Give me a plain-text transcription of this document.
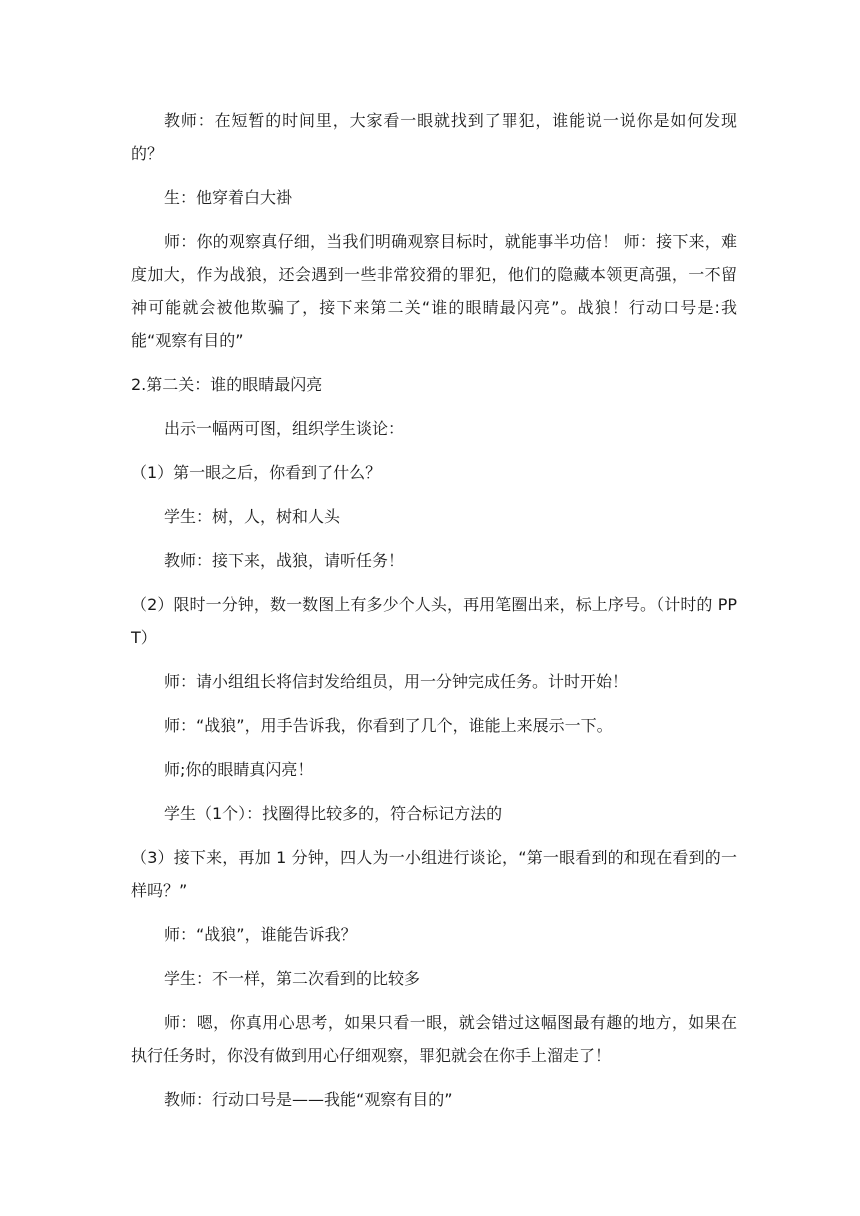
教师：在短暂的时间里，大家看一眼就找到了罪犯，谁能说一说你是如何发现的？

生：他穿着白大褂

师：你的观察真仔细，当我们明确观察目标时，就能事半功倍！ 师：接下来，难度加大，作为战狼，还会遇到一些非常狡猾的罪犯，他们的隐藏本领更高强，一不留神可能就会被他欺骗了，接下来第二关“谁的眼睛最闪亮”。战狼！行动口号是:我能“观察有目的”

2.第二关：谁的眼睛最闪亮

出示一幅两可图，组织学生谈论：

（1）第一眼之后，你看到了什么？

学生：树，人，树和人头

教师：接下来，战狼，请听任务！

（2）限时一分钟，数一数图上有多少个人头，再用笔圈出来，标上序号。（计时的 PPT）

师：请小组组长将信封发给组员，用一分钟完成任务。计时开始！

师：“战狼”，用手告诉我，你看到了几个，谁能上来展示一下。

师;你的眼睛真闪亮！

学生（1个）：找圈得比较多的，符合标记方法的

（3）接下来，再加 1 分钟，四人为一小组进行谈论，“第一眼看到的和现在看到的一样吗？”

师：“战狼”，谁能告诉我？

学生：不一样，第二次看到的比较多

师：嗯，你真用心思考，如果只看一眼，就会错过这幅图最有趣的地方，如果在执行任务时，你没有做到用心仔细观察，罪犯就会在你手上溜走了！

教师：行动口号是——我能“观察有目的”
